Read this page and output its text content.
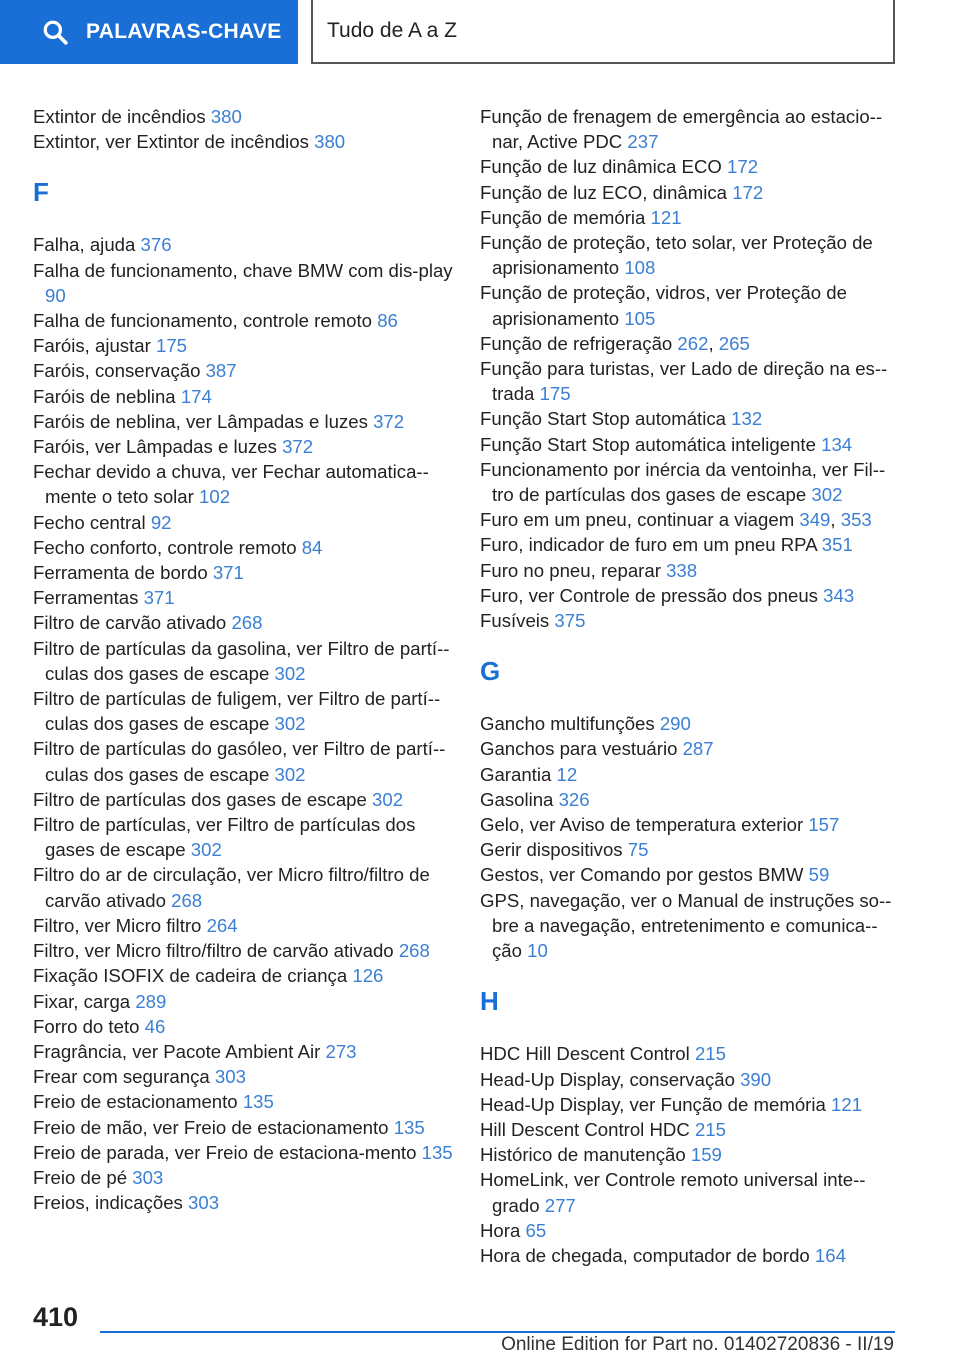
PALAVRAS-CHAVE Tudo de A a Z
Extintor de incêndios 380
Extintor, ver Extintor de incêndios 380
F
Falha, ajuda 376
Falha de funcionamento, chave BMW com dis-play 90
Falha de funcionamento, controle remoto 86
Faróis, ajustar 175
Faróis, conservação 387
Faróis de neblina 174
Faróis de neblina, ver Lâmpadas e luzes 372
Faróis, ver Lâmpadas e luzes 372
Fechar devido a chuva, ver Fechar automatica-mente o teto solar 102
Fecho central 92
Fecho conforto, controle remoto 84
Ferramenta de bordo 371
Ferramentas 371
Filtro de carvão ativado 268
Filtro de partículas da gasolina, ver Filtro de partí-culas dos gases de escape 302
Filtro de partículas de fuligem, ver Filtro de partí-culas dos gases de escape 302
Filtro de partículas do gasóleo, ver Filtro de partí-culas dos gases de escape 302
Filtro de partículas dos gases de escape 302
Filtro de partículas, ver Filtro de partículas dos gases de escape 302
Filtro do ar de circulação, ver Micro filtro/filtro de carvão ativado 268
Filtro, ver Micro filtro 264
Filtro, ver Micro filtro/filtro de carvão ativado 268
Fixação ISOFIX de cadeira de criança 126
Fixar, carga 289
Forro do teto 46
Fragrância, ver Pacote Ambient Air 273
Frear com segurança 303
Freio de estacionamento 135
Freio de mão, ver Freio de estacionamento 135
Freio de parada, ver Freio de estaciona-mento 135
Freio de pé 303
Freios, indicações 303
Função de frenagem de emergência ao estacio-nar, Active PDC 237
Função de luz dinâmica ECO 172
Função de luz ECO, dinâmica 172
Função de memória 121
Função de proteção, teto solar, ver Proteção de aprisionamento 108
Função de proteção, vidros, ver Proteção de aprisionamento 105
Função de refrigeração 262, 265
Função para turistas, ver Lado de direção na es-trada 175
Função Start Stop automática 132
Função Start Stop automática inteligente 134
Funcionamento por inércia da ventoinha, ver Fil-tro de partículas dos gases de escape 302
Furo em um pneu, continuar a viagem 349, 353
Furo, indicador de furo em um pneu RPA 351
Furo no pneu, reparar 338
Furo, ver Controle de pressão dos pneus 343
Fusíveis 375
G
Gancho multifunções 290
Ganchos para vestuário 287
Garantia 12
Gasolina 326
Gelo, ver Aviso de temperatura exterior 157
Gerir dispositivos 75
Gestos, ver Comando por gestos BMW 59
GPS, navegação, ver o Manual de instruções so-bre a navegação, entretenimento e comunica-ção 10
H
HDC Hill Descent Control 215
Head-Up Display, conservação 390
Head-Up Display, ver Função de memória 121
Hill Descent Control HDC 215
Histórico de manutenção 159
HomeLink, ver Controle remoto universal inte-grado 277
Hora 65
Hora de chegada, computador de bordo 164
410
Online Edition for Part no. 01402720836 - II/19
